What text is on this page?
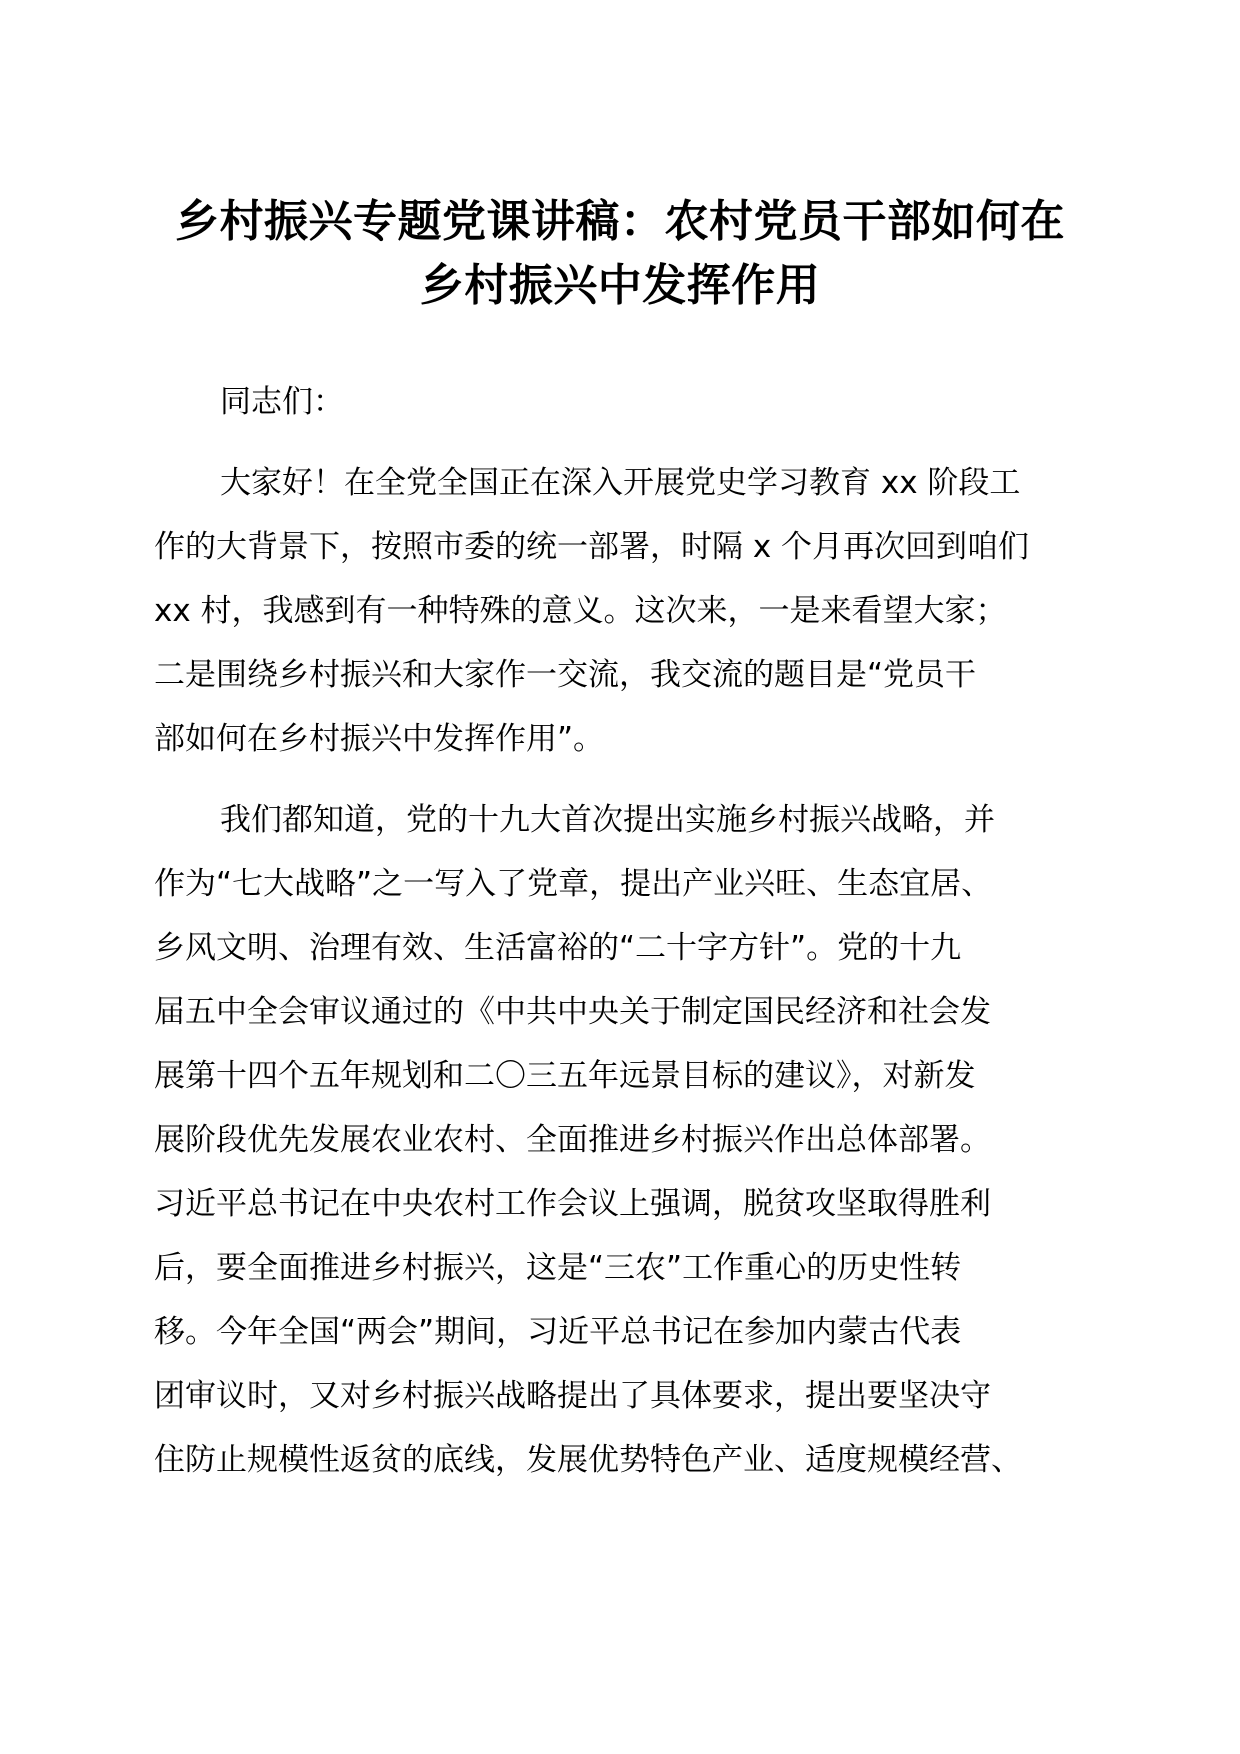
乡村振兴专题党课讲稿：农村党员干部如何在
乡村振兴中发挥作用

同志们：

大家好！在全党全国正在深入开展党史学习教育 xx 阶段工
作的大背景下，按照市委的统一部署，时隔 x 个月再次回到咱们
xx 村，我感到有一种特殊的意义。这次来，一是来看望大家；
二是围绕乡村振兴和大家作一交流，我交流的题目是“党员干
部如何在乡村振兴中发挥作用”。

我们都知道，党的十九大首次提出实施乡村振兴战略，并
作为“七大战略”之一写入了党章，提出产业兴旺、生态宜居、
乡风文明、治理有效、生活富裕的“二十字方针”。党的十九
届五中全会审议通过的《中共中央关于制定国民经济和社会发
展第十四个五年规划和二〇三五年远景目标的建议》，对新发
展阶段优先发展农业农村、全面推进乡村振兴作出总体部署。
习近平总书记在中央农村工作会议上强调，脱贫攻坚取得胜利
后，要全面推进乡村振兴，这是“三农”工作重心的历史性转
移。今年全国“两会”期间，习近平总书记在参加内蒙古代表
团审议时，又对乡村振兴战略提出了具体要求，提出要坚决守
住防止规模性返贫的底线，发展优势特色产业、适度规模经营、
